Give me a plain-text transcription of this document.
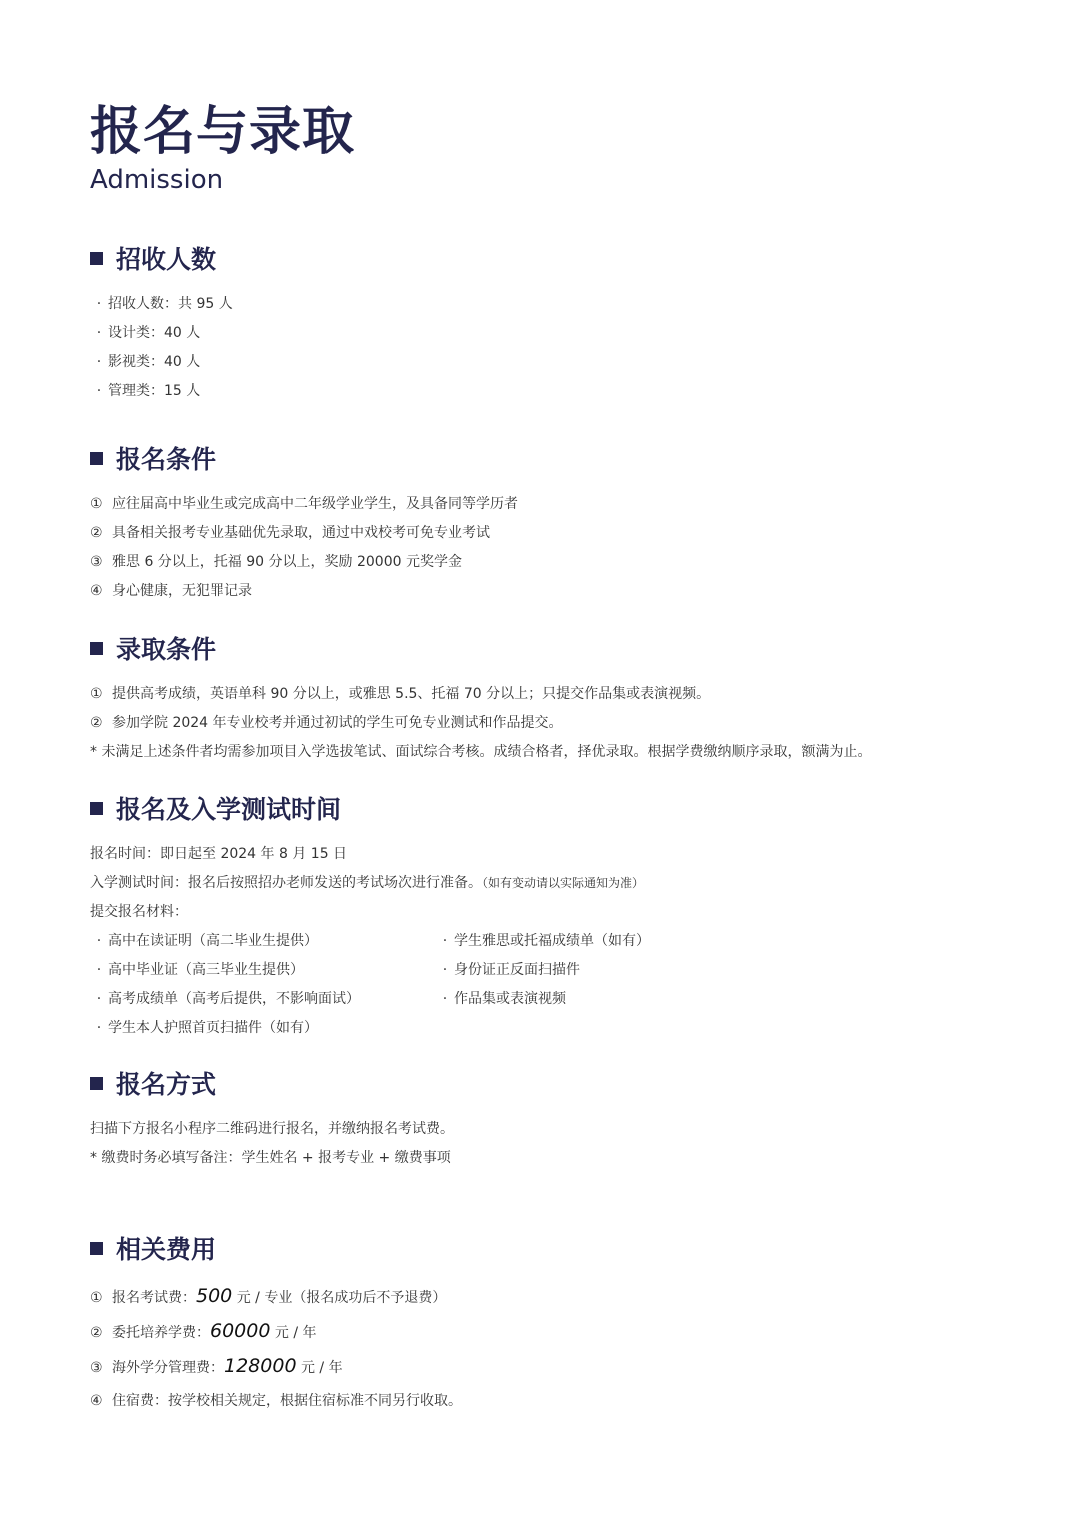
报名与录取
Admission
招收人数
· 招收人数：共 95 人
· 设计类：40 人
· 影视类：40 人
· 管理类：15 人
报名条件
① 应往届高中毕业生或完成高中二年级学业学生，及具备同等学历者
② 具备相关报考专业基础优先录取，通过中戏校考可免专业考试
③ 雅思 6 分以上，托福 90 分以上，奖励 20000 元奖学金
④ 身心健康，无犯罪记录
录取条件
① 提供高考成绩，英语单科 90 分以上，或雅思 5.5、托福 70 分以上；只提交作品集或表演视频。
② 参加学院 2024 年专业校考并通过初试的学生可免专业测试和作品提交。
* 未满足上述条件者均需参加项目入学选拔笔试、面试综合考核。成绩合格者，择优录取。根据学费缴纳顺序录取，额满为止。
报名及入学测试时间
报名时间：即日起至 2024 年 8 月 15 日
入学测试时间：报名后按照招办老师发送的考试场次进行准备。（如有变动请以实际通知为准）
提交报名材料：
· 高中在读证明（高二毕业生提供）
· 高中毕业证（高三毕业生提供）
· 高考成绩单（高考后提供，不影响面试）
· 学生本人护照首页扫描件（如有）
· 学生雅思或托福成绩单（如有）
· 身份证正反面扫描件
· 作品集或表演视频
报名方式
扫描下方报名小程序二维码进行报名，并缴纳报名考试费。
* 缴费时务必填写备注：学生姓名 + 报考专业 + 缴费事项
相关费用
① 报名考试费：500 元 / 专业（报名成功后不予退费）
② 委托培养学费：60000 元 / 年
③ 海外学分管理费：128000 元 / 年
④ 住宿费：按学校相关规定，根据住宿标准不同另行收取。
